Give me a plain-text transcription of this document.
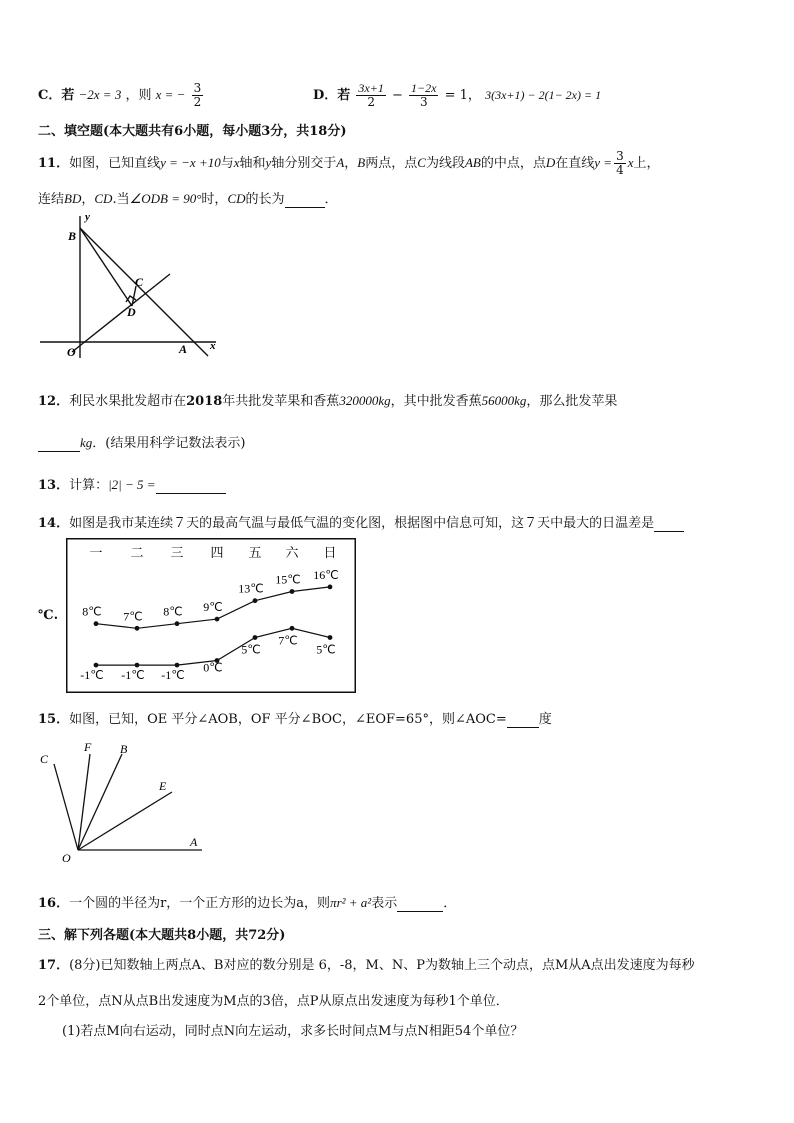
C．若 −2x = 3 ，则 x = − $\frac{3}{2}$	D．若 $\frac{3x+1}{2} - \frac{1-2x}{3} = 1$， 3(3x+1) − 2(1− 2x) = 1
二、填空题(本大题共有6小题，每小题3分，共18分)
11．如图，已知直线y = −x +10与x轴和y轴分别交于A，B两点，点C为线段AB的中点，点D在直线$y = \frac{3}{4}$ x上，
连结BD，CD.当∠ODB = 90°时，CD的长为	．
y
x
B
C
D
O	A
12．利民水果批发超市在2018年共批发苹果和香蕉320000kg，其中批发香蕉56000kg，那么批发苹果
kg．(结果用科学记数法表示)
13．计算：|2| − 5 =
14．如图是我市某连续７天的最高气温与最低气温的变化图，根据图中信息可知，这７天中最大的日温差是
℃.
一 二 三 四 五 六 日
8℃ 7℃ 8℃ 9℃
13℃
15℃ 16℃
-1℃ -1℃ -1℃
0℃
5℃
7℃
5℃
15．如图，已知，OE 平分∠AOB，OF 平分∠BOC，∠EOF=65°，则∠AOC= 度
C
F B
E
O
A
16．一个圆的半径为r，一个正方形的边长为a，则πr² + a²表示	．
三、解下列各题(本大题共8小题，共72分)
17．(8分)已知数轴上两点A、B对应的数分别是 6，-8，M、N、P为数轴上三个动点，点M从A点出发速度为每秒
2个单位，点N从点B出发速度为M点的3倍，点P从原点出发速度为每秒1个单位．
(1)若点M向右运动，同时点N向左运动，求多长时间点M与点N相距54个单位？
